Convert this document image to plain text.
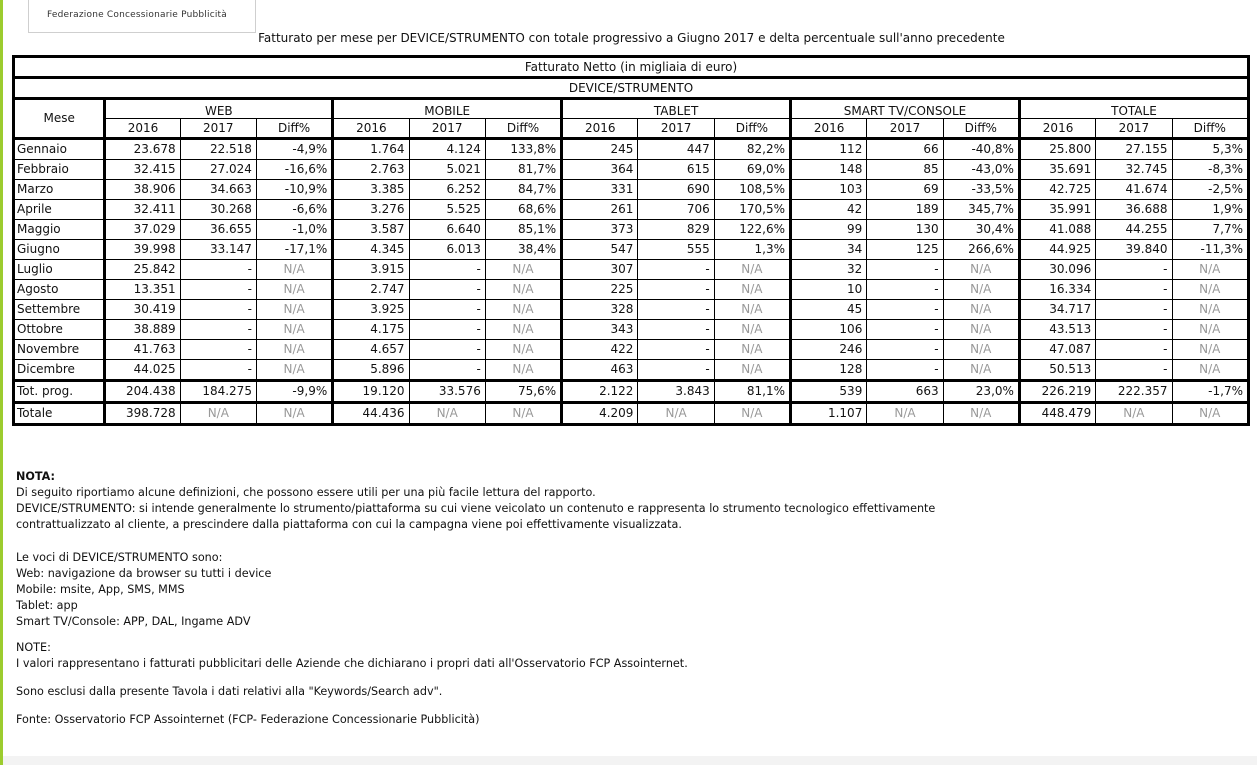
Federazione Concessionarie Pubblicità
Fatturato per mese per DEVICE/STRUMENTO con totale progressivo a Giugno 2017 e delta percentuale sull'anno precedente
Fatturato Netto (in migliaia di euro)															
DEVICE/STRUMENTO															
Mese	WEB			MOBILE			TABLET			SMART TV/CONSOLE			TOTALE		
	2016	2017	Diff%	2016	2017	Diff%	2016	2017	Diff%	2016	2017	Diff%	2016	2017	Diff%
Gennaio	23.678	22.518	-4,9%	1.764	4.124	133,8%	245	447	82,2%	112	66	-40,8%	25.800	27.155	5,3%
Febbraio	32.415	27.024	-16,6%	2.763	5.021	81,7%	364	615	69,0%	148	85	-43,0%	35.691	32.745	-8,3%
Marzo	38.906	34.663	-10,9%	3.385	6.252	84,7%	331	690	108,5%	103	69	-33,5%	42.725	41.674	-2,5%
Aprile	32.411	30.268	-6,6%	3.276	5.525	68,6%	261	706	170,5%	42	189	345,7%	35.991	36.688	1,9%
Maggio	37.029	36.655	-1,0%	3.587	6.640	85,1%	373	829	122,6%	99	130	30,4%	41.088	44.255	7,7%
Giugno	39.998	33.147	-17,1%	4.345	6.013	38,4%	547	555	1,3%	34	125	266,6%	44.925	39.840	-11,3%
Luglio	25.842	-	N/A	3.915	-	N/A	307	-	N/A	32	-	N/A	30.096	-	N/A
Agosto	13.351	-	N/A	2.747	-	N/A	225	-	N/A	10	-	N/A	16.334	-	N/A
Settembre	30.419	-	N/A	3.925	-	N/A	328	-	N/A	45	-	N/A	34.717	-	N/A
Ottobre	38.889	-	N/A	4.175	-	N/A	343	-	N/A	106	-	N/A	43.513	-	N/A
Novembre	41.763	-	N/A	4.657	-	N/A	422	-	N/A	246	-	N/A	47.087	-	N/A
Dicembre	44.025	-	N/A	5.896	-	N/A	463	-	N/A	128	-	N/A	50.513	-	N/A
Tot. prog.	204.438	184.275	-9,9%	19.120	33.576	75,6%	2.122	3.843	81,1%	539	663	23,0%	226.219	222.357	-1,7%
Totale	398.728	N/A	N/A	44.436	N/A	N/A	4.209	N/A	N/A	1.107	N/A	N/A	448.479	N/A	N/A

NOTA:

Di seguito riportiamo alcune definizioni, che possono essere utili per una più facile lettura del rapporto.

DEVICE/STRUMENTO: si intende generalmente lo strumento/piattaforma su cui viene veicolato un contenuto e rappresenta lo strumento tecnologico effettivamente

contrattualizzato al cliente, a prescindere dalla piattaforma con cui la campagna viene poi effettivamente visualizzata.

Le voci di DEVICE/STRUMENTO sono:

Web: navigazione da browser su tutti i device

Mobile: msite, App, SMS, MMS

Tablet: app

Smart TV/Console: APP, DAL, Ingame ADV

NOTE:

I valori rappresentano i fatturati pubblicitari delle Aziende che dichiarano i propri dati all'Osservatorio FCP Assointernet.

Sono esclusi dalla presente Tavola i dati relativi alla "Keywords/Search adv".

Fonte: Osservatorio FCP Assointernet (FCP- Federazione Concessionarie Pubblicità)
